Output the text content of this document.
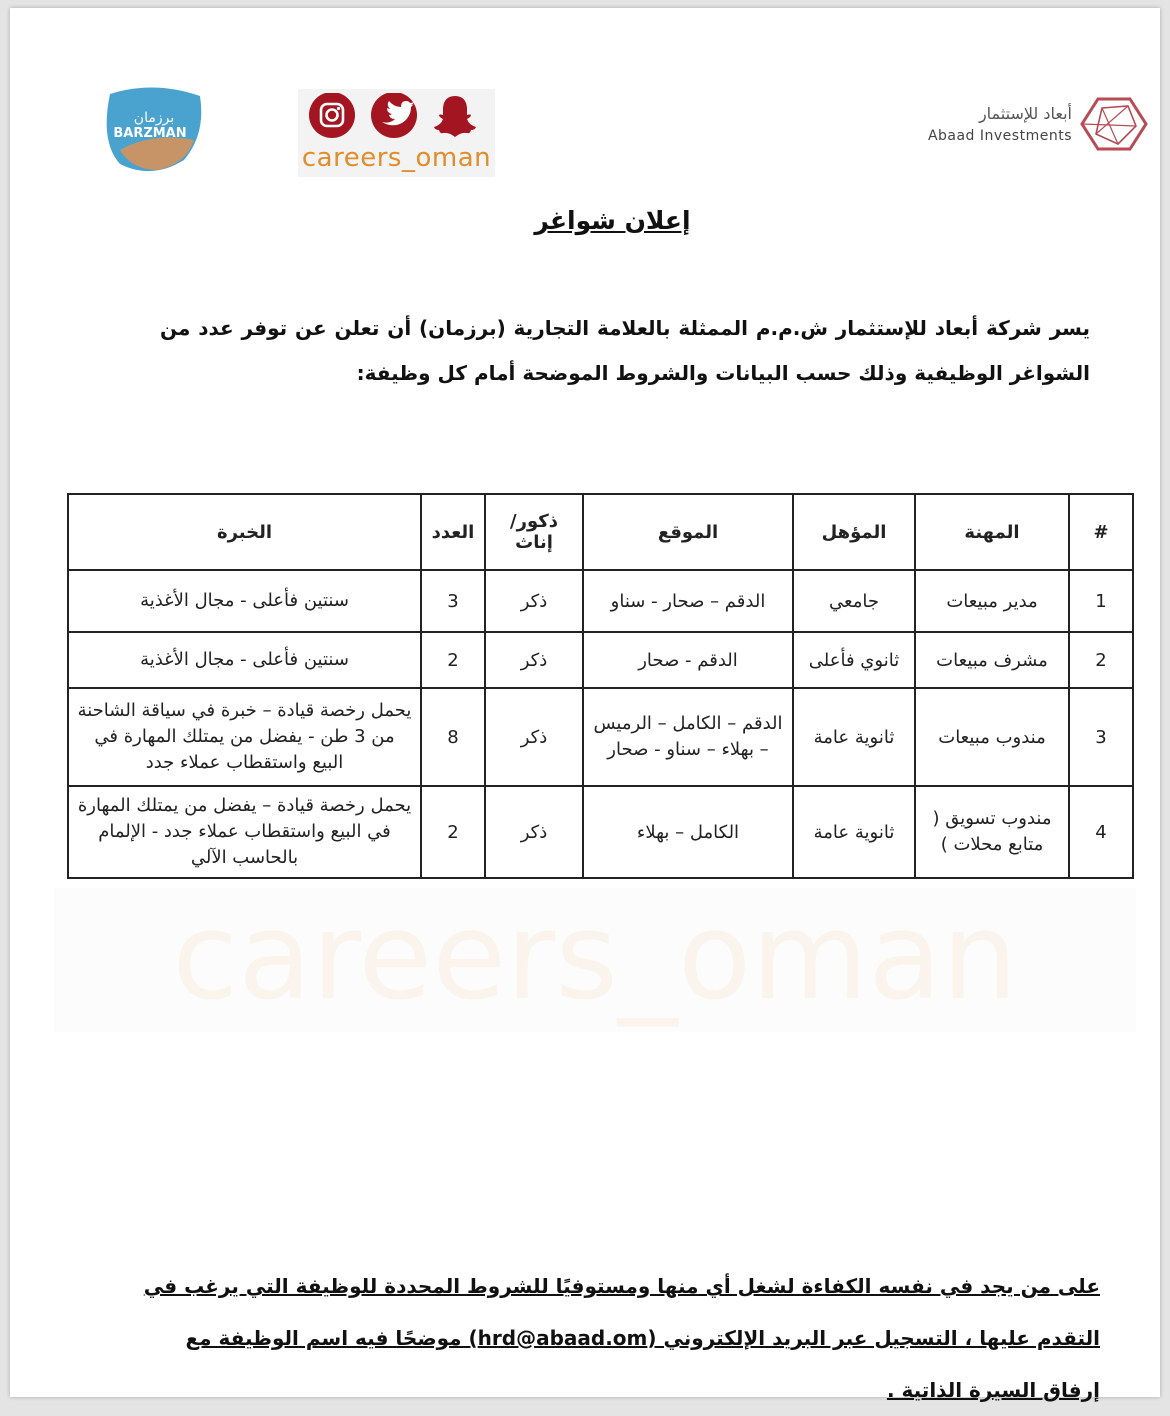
برزمان
BARZMAN
careers_oman
أبعاد للإستثمار
Abaad Investments
إعلان شواغر
يسر شركة أبعاد للإستثمار ش.م.م الممثلة بالعلامة التجارية (برزمان) أن تعلن عن توفر عدد من الشواغر الوظيفية وذلك حسب البيانات والشروط الموضحة أمام كل وظيفة:
#	المهنة	المؤهل	الموقع	ذكور/إناث	العدد	الخبرة
1	مدير مبيعات	جامعي	الدقم – صحار - سناو	ذكر	3	سنتين فأعلى - مجال الأغذية
2	مشرف مبيعات	ثانوي فأعلى	الدقم - صحار	ذكر	2	سنتين فأعلى - مجال الأغذية
3	مندوب مبيعات	ثانوية عامة	الدقم – الكامل – الرميس – بهلاء – سناو - صحار	ذكر	8	يحمل رخصة قيادة – خبرة في سياقة الشاحنة من 3 طن - يفضل من يمتلك المهارة في البيع واستقطاب عملاء جدد
4	مندوب تسويق ( متابع محلات )	ثانوية عامة	الكامل – بهلاء	ذكر	2	يحمل رخصة قيادة – يفضل من يمتلك المهارة في البيع واستقطاب عملاء جدد - الإلمام بالحاسب الآلي
careers_oman
على من يجد في نفسه الكفاءة لشغل أي منها ومستوفيًا للشروط المحددة للوظيفة التي يرغب في التقدم عليها ، التسجيل عبر البريد الإلكتروني (hrd@abaad.om) موضحًا فيه اسم الوظيفة مع إرفاق السيرة الذاتية .
